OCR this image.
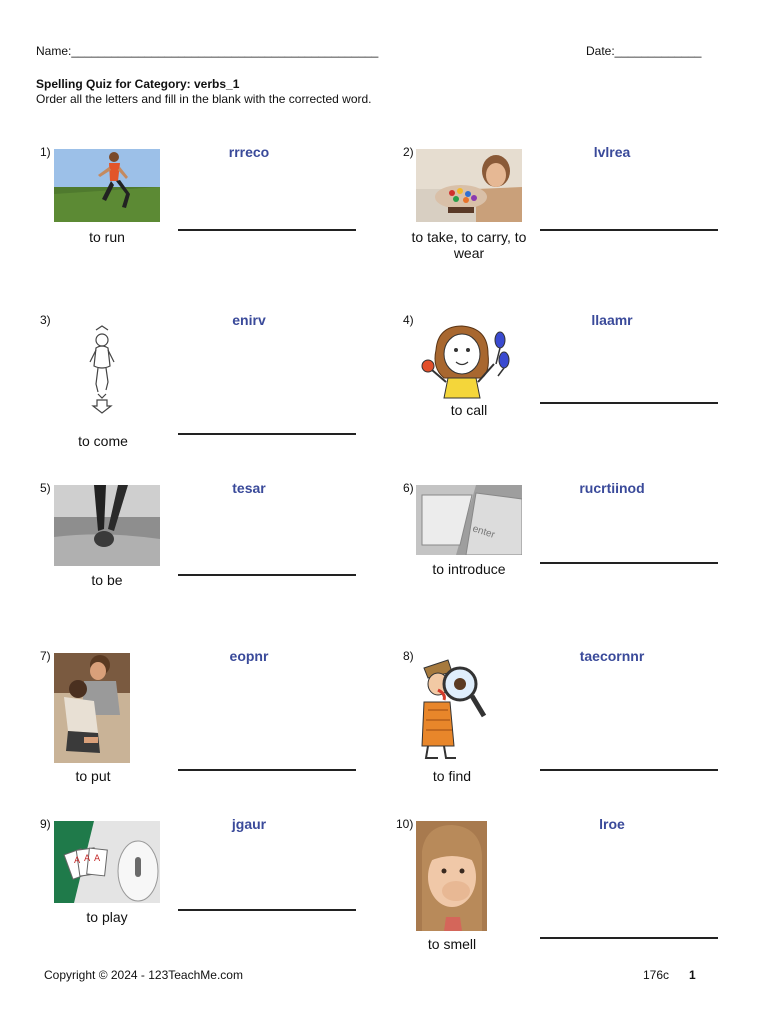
Name:______________________________________________	Date:_____________
Spelling Quiz for Category: verbs_1
Order all the letters and fill in the blank with the corrected word.
1)	rrreco
to run
2)	lvlrea
to take, to carry, to wear
3)	enirv
to come
4)	llaamr
to call
5)	tesar
to be
6)
enter
rucrtiinod
to introduce
7)	eopnr
to put
8)	taecornnr
to find
9)
A A A
jgaur
to play
10)	lroe
to smell
Copyright © 2024 - 123TeachMe.com	176c 1
